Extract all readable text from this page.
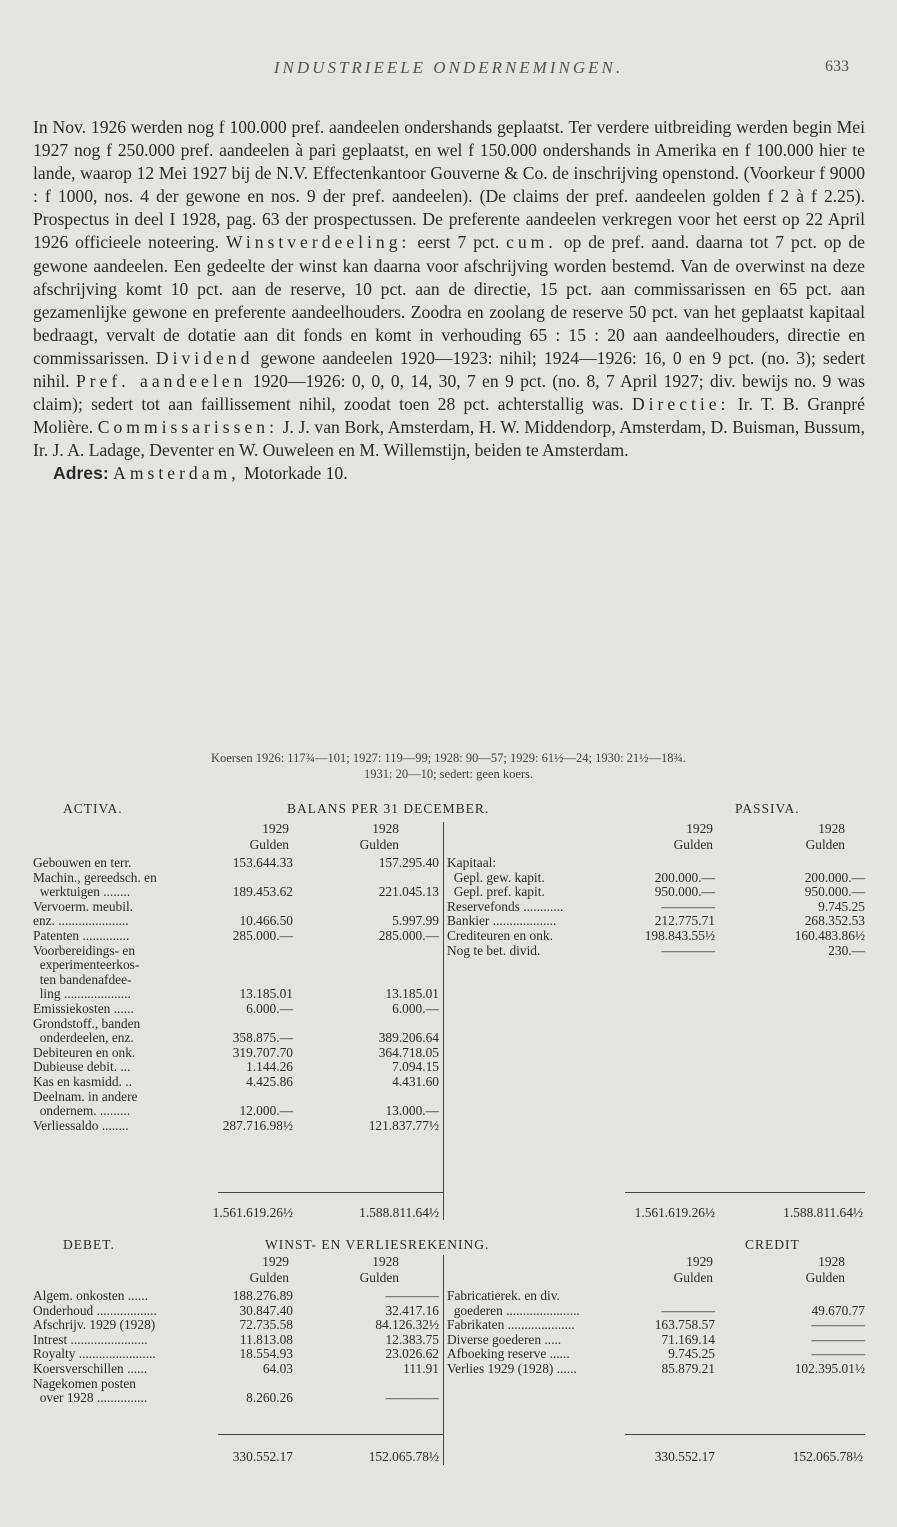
INDUSTRIEELE ONDERNEMINGEN.	633

In Nov. 1926 werden nog f 100.000 pref. aandeelen ondershands geplaatst. Ter verdere uitbreiding werden begin Mei 1927 nog f 250.000 pref. aandeelen à pari geplaatst, en wel f 150.000 ondershands in Amerika en f 100.000 hier te lande, waarop 12 Mei 1927 bij de N.V. Effectenkantoor Gouverne & Co. de inschrijving openstond. (Voorkeur f 9000 : f 1000, nos. 4 der gewone en nos. 9 der pref. aandeelen). (De claims der pref. aandeelen golden f 2 à f 2.25). Prospectus in deel I 1928, pag. 63 der prospectussen. De preferente aandeelen verkregen voor het eerst op 22 April 1926 officieele noteering. Winstverdeeling: eerst 7 pct. cum. op de pref. aand. daarna tot 7 pct. op de gewone aandeelen. Een gedeelte der winst kan daarna voor afschrijving worden bestemd. Van de overwinst na deze afschrijving komt 10 pct. aan de reserve, 10 pct. aan de directie, 15 pct. aan commissarissen en 65 pct. aan gezamenlijke gewone en preferente aandeelhouders. Zoodra en zoolang de reserve 50 pct. van het geplaatst kapitaal bedraagt, vervalt de dotatie aan dit fonds en komt in verhouding 65 : 15 : 20 aan aandeelhouders, directie en commissarissen. Dividend gewone aandeelen 1920—1923: nihil; 1924—1926: 16, 0 en 9 pct. (no. 3); sedert nihil. Pref. aandeelen 1920—1926: 0, 0, 0, 14, 30, 7 en 9 pct. (no. 8, 7 April 1927; div. bewijs no. 9 was claim); sedert tot aan faillissement nihil, zoodat toen 28 pct. achterstallig was. Directie: Ir. T. B. Granpré Molière. Commissarissen: J. J. van Bork, Amsterdam, H. W. Middendorp, Amsterdam, D. Buisman, Bussum, Ir. J. A. Ladage, Deventer en W. Ouweleen en M. Willemstijn, beiden te Amsterdam.

Adres: Amsterdam, Motorkade 10.

Koersen 1926: 117¾—101; 1927: 119—99; 1928: 90—57; 1929: 61½—24; 1930: 21½—18¾.
1931: 20—10; sedert: geen koers.
ACTIVA.	BALANS PER 31 DECEMBER.	PASSIVA.
1929	1928
Gulden	Gulden
1929	1928
Gulden	Gulden
Gebouwen en terr.	153.644.33	157.295.40
Machin., gereedsch. en
werktuigen ........	189.453.62	221.045.13
Vervoerm. meubil.
enz. .....................	10.466.50	5.997.99
Patenten ..............	285.000.—	285.000.—
Voorbereidings- en
experimenteerkos-
ten bandenafdee-
ling ....................	13.185.01	13.185.01
Emissiekosten ......	6.000.—	6.000.—
Grondstoff., banden
onderdeelen, enz.	358.875.—	389.206.64
Debiteuren en onk.	319.707.70	364.718.05
Dubieuse debit. ...	1.144.26	7.094.15
Kas en kasmidd. ..	4.425.86	4.431.60
Deelnam. in andere
ondernem. .........	12.000.—	13.000.—
Verliessaldo ........	287.716.98½	121.837.77½
Kapitaal:
Gepl. gew. kapit.	200.000.—	200.000.—
Gepl. pref. kapit.	950.000.—	950.000.—
Reservefonds ............	————	9.745.25
Bankier ...................	212.775.71	268.352.53
Crediteuren en onk.	198.843.55½	160.483.86½
Nog te bet. divid.	————	230.—
1.561.619.26½	1.588.811.64½	1.561.619.26½	1.588.811.64½
DEBET.	WINST- EN VERLIESREKENING.	CREDIT
1929	1928
Gulden	Gulden
1929	1928
Gulden	Gulden
Algem. onkosten ......	188.276.89	————
Onderhoud ..................	30.847.40	32.417.16
Afschrijv. 1929 (1928)	72.735.58	84.126.32½
Intrest .......................	11.813.08	12.383.75
Royalty .......................	18.554.93	23.026.62
Koersverschillen ......	64.03	111.91
Nagekomen posten
over 1928 ...............	8.260.26	————
Fabricatierek. en div.
goederen ......................	————	49.670.77
Fabrikaten ....................	163.758.57	————
Diverse goederen .....	71.169.14	————
Afboeking reserve ......	9.745.25	————
Verlies 1929 (1928) ......	85.879.21	102.395.01½
330.552.17	152.065.78½	330.552.17	152.065.78½
